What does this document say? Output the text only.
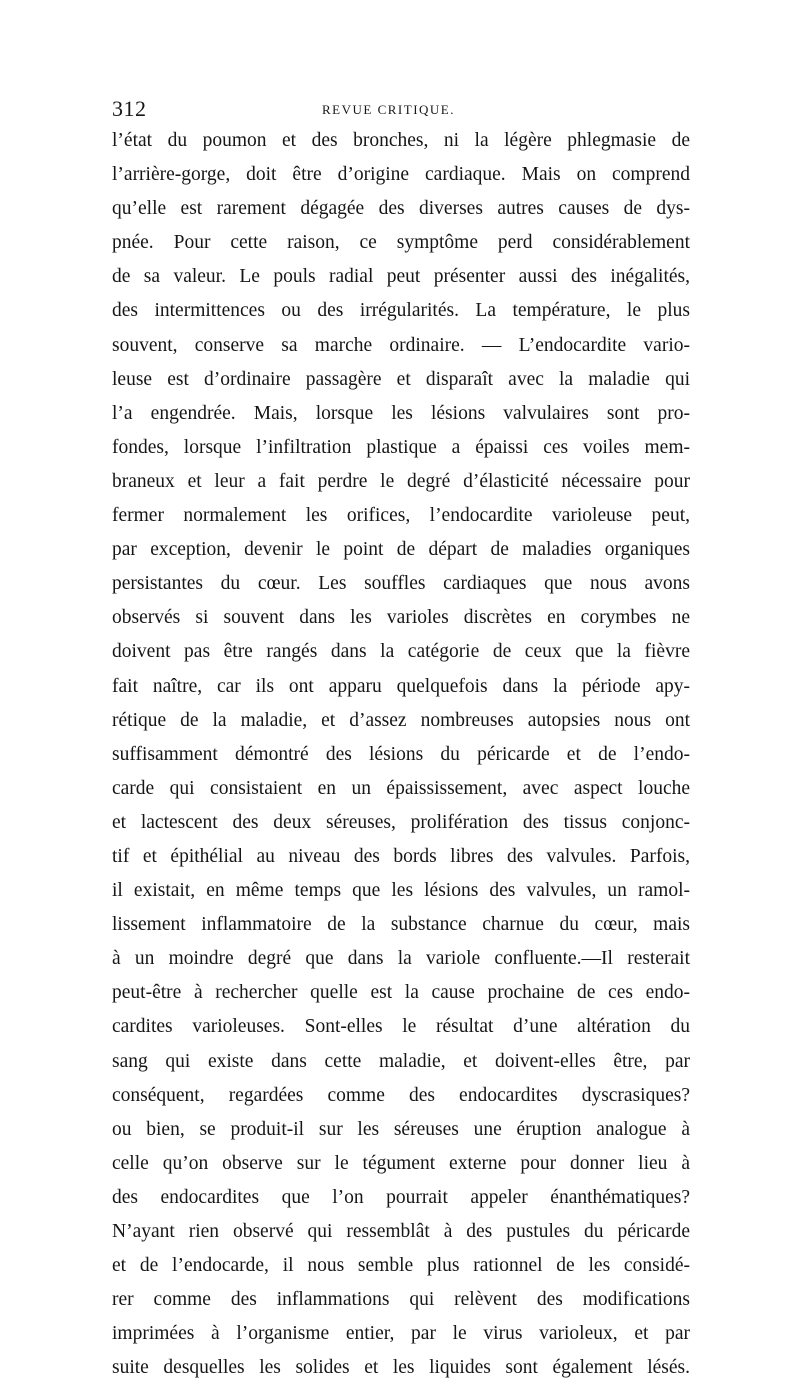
312	REVUE CRITIQUE.
l’état du poumon et des bronches, ni la légère phlegmasie de
l’arrière-gorge, doit être d’origine cardiaque. Mais on comprend
qu’elle est rarement dégagée des diverses autres causes de dys-
pnée. Pour cette raison, ce symptôme perd considérablement
de sa valeur. Le pouls radial peut présenter aussi des inégalités,
des intermittences ou des irrégularités. La température, le plus
souvent, conserve sa marche ordinaire. — L’endocardite vario-
leuse est d’ordinaire passagère et disparaît avec la maladie qui
l’a engendrée. Mais, lorsque les lésions valvulaires sont pro-
fondes, lorsque l’infiltration plastique a épaissi ces voiles mem-
braneux et leur a fait perdre le degré d’élasticité nécessaire pour
fermer normalement les orifices, l’endocardite varioleuse peut,
par exception, devenir le point de départ de maladies organiques
persistantes du cœur. Les souffles cardiaques que nous avons
observés si souvent dans les varioles discrètes en corymbes ne
doivent pas être rangés dans la catégorie de ceux que la fièvre
fait naître, car ils ont apparu quelquefois dans la période apy-
rétique de la maladie, et d’assez nombreuses autopsies nous ont
suffisamment démontré des lésions du péricarde et de l’endo-
carde qui consistaient en un épaississement, avec aspect louche
et lactescent des deux séreuses, prolifération des tissus conjonc-
tif et épithélial au niveau des bords libres des valvules. Parfois,
il existait, en même temps que les lésions des valvules, un ramol-
lissement inflammatoire de la substance charnue du cœur, mais
à un moindre degré que dans la variole confluente.—Il resterait
peut-être à rechercher quelle est la cause prochaine de ces endo-
cardites varioleuses. Sont-elles le résultat d’une altération du
sang qui existe dans cette maladie, et doivent-elles être, par
conséquent, regardées comme des endocardites dyscrasiques?
ou bien, se produit-il sur les séreuses une éruption analogue à
celle qu’on observe sur le tégument externe pour donner lieu à
des endocardites que l’on pourrait appeler énanthématiques?
N’ayant rien observé qui ressemblât à des pustules du péricarde
et de l’endocarde, il nous semble plus rationnel de les considé-
rer comme des inflammations qui relèvent des modifications
imprimées à l’organisme entier, par le virus varioleux, et par
suite desquelles les solides et les liquides sont également lésés.
